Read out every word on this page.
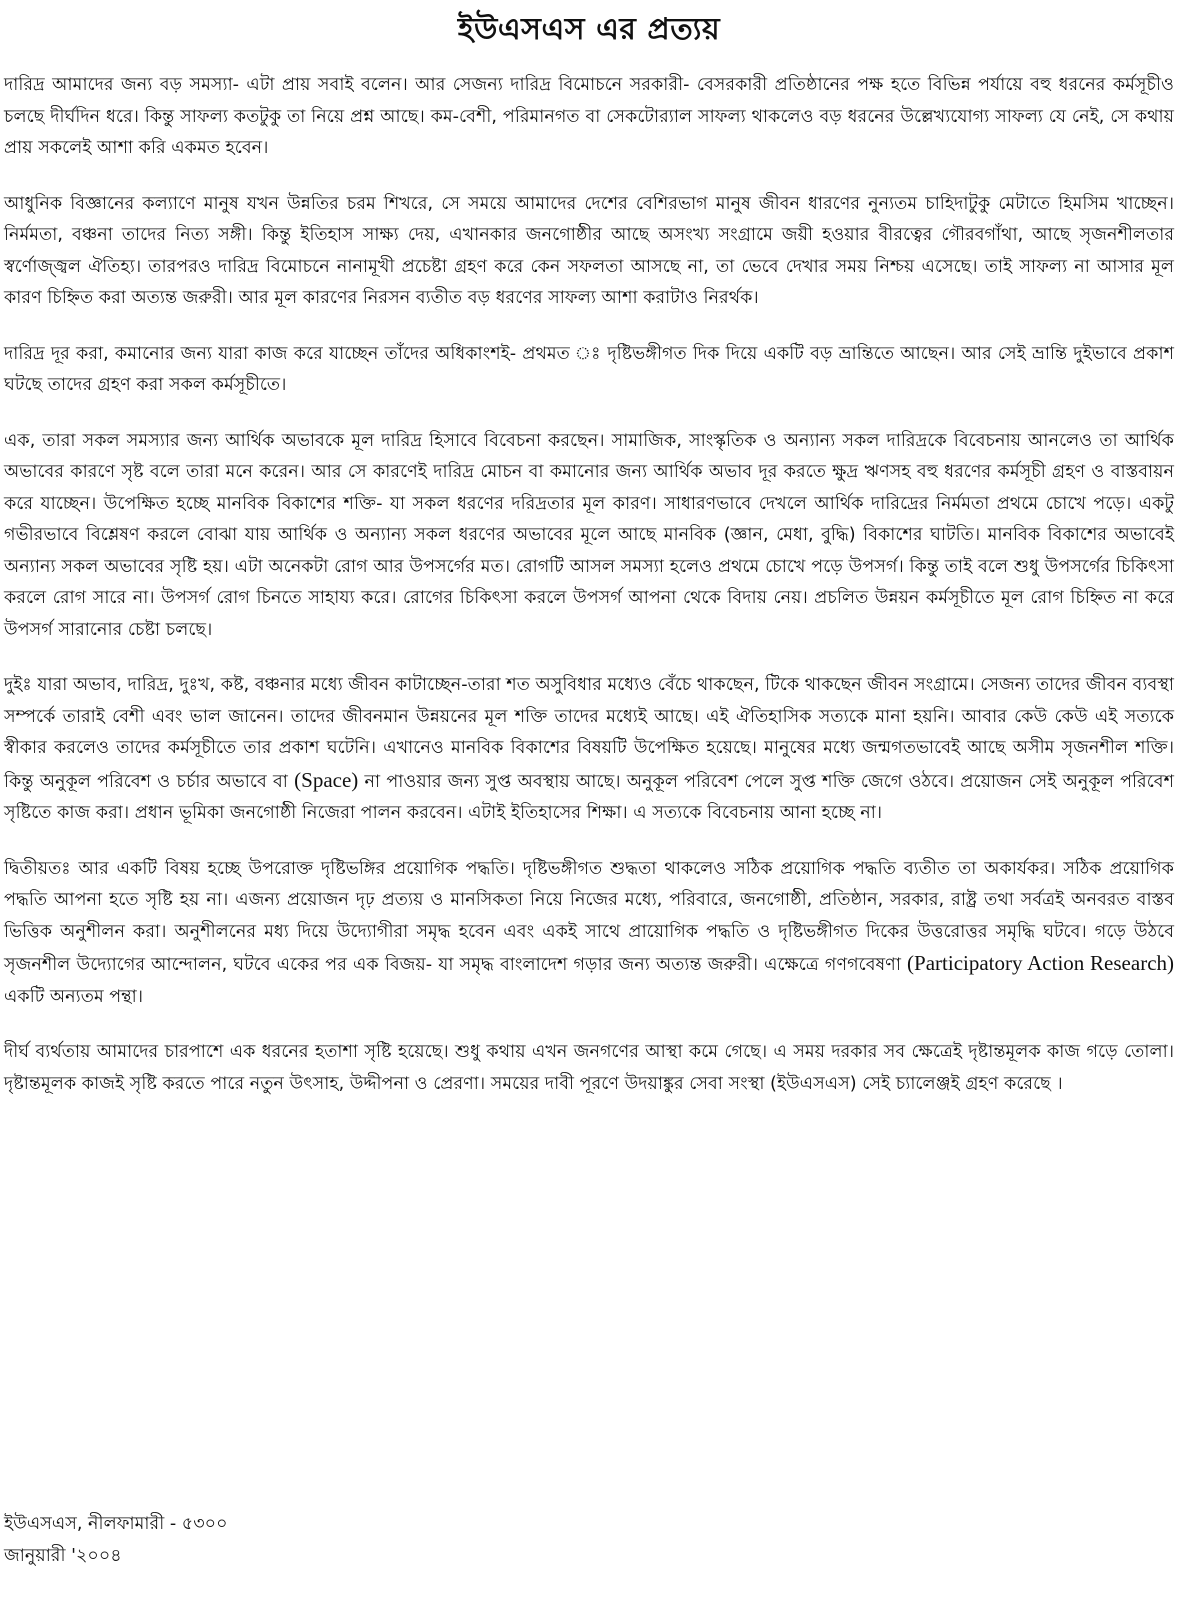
ইউএসএস এর প্রত্যয়

দারিদ্র আমাদের জন্য বড় সমস্যা- এটা প্রায় সবাই বলেন। আর সেজন্য দারিদ্র বিমোচনে সরকারী- বেসরকারী প্রতিষ্ঠানের পক্ষ হতে বিভিন্ন পর্যায়ে বহু ধরনের কর্মসূচীও চলছে দীর্ঘদিন ধরে। কিন্তু সাফল্য কতটুকু তা নিয়ে প্রশ্ন আছে। কম-বেশী, পরিমানগত বা সেকটোর‌্যাল সাফল্য থাকলেও বড় ধরনের উল্লেখ্যযোগ্য সাফল্য যে নেই, সে কথায় প্রায় সকলেই আশা করি একমত হবেন।

আধুনিক বিজ্ঞানের কল্যাণে মানুষ যখন উন্নতির চরম শিখরে, সে সময়ে আমাদের দেশের বেশিরভাগ মানুষ জীবন ধারণের নুন্যতম চাহিদাটুকু মেটাতে হিমসিম খাচ্ছেন। নির্মমতা, বঞ্চনা তাদের নিত্য সঙ্গী। কিন্তু ইতিহাস সাক্ষ্য দেয়, এখানকার জনগোষ্ঠীর আছে অসংখ্য সংগ্রামে জয়ী হওয়ার বীরত্বের গৌরবগাঁথা, আছে সৃজনশীলতার স্বর্ণোজ্জ্বল ঐতিহ্য। তারপরও দারিদ্র বিমোচনে নানামূখী প্রচেষ্টা গ্রহণ করে কেন সফলতা আসছে না, তা ভেবে দেখার সময় নিশ্চয় এসেছে। তাই সাফল্য না আসার মূল কারণ চিহ্নিত করা অত্যন্ত জরুরী। আর মূল কারণের নিরসন ব্যতীত বড় ধরণের সাফল্য আশা করাটাও নিরর্থক।

দারিদ্র দূর করা, কমানোর জন্য যারা কাজ করে যাচ্ছেন তাঁদের অধিকাংশই- প্রথমত ঃ দৃষ্টিভঙ্গীগত দিক দিয়ে একটি বড় ভ্রান্তিতে আছেন। আর সেই ভ্রান্তি দুইভাবে প্রকাশ ঘটছে তাদের গ্রহণ করা সকল কর্মসূচীতে।

এক, তারা সকল সমস্যার জন্য আর্থিক অভাবকে মূল দারিদ্র হিসাবে বিবেচনা করছেন। সামাজিক, সাংস্কৃতিক ও অন্যান্য সকল দারিদ্রকে বিবেচনায় আনলেও তা আর্থিক অভাবের কারণে সৃষ্ট বলে তারা মনে করেন। আর সে কারণেই দারিদ্র মোচন বা কমানোর জন্য আর্থিক অভাব দূর করতে ক্ষুদ্র ঋণসহ বহু ধরণের কর্মসূচী গ্রহণ ও বাস্তবায়ন করে যাচ্ছেন। উপেক্ষিত হচ্ছে মানবিক বিকাশের শক্তি- যা সকল ধরণের দরিদ্রতার মূল কারণ। সাধারণভাবে দেখলে আর্থিক দারিদ্রের নির্মমতা প্রথমে চোখে পড়ে। একটু গভীরভাবে বিশ্লেষণ করলে বোঝা যায় আর্থিক ও অন্যান্য সকল ধরণের অভাবের মূলে আছে মানবিক (জ্ঞান, মেধা, বুদ্ধি) বিকাশের ঘাটতি। মানবিক বিকাশের অভাবেই অন্যান্য সকল অভাবের সৃষ্টি হয়। এটা অনেকটা রোগ আর উপসর্গের মত। রোগটি আসল সমস্যা হলেও প্রথমে চোখে পড়ে উপসর্গ। কিন্তু তাই বলে শুধু উপসর্গের চিকিৎসা করলে রোগ সারে না। উপসর্গ রোগ চিনতে সাহায্য করে। রোগের চিকিৎসা করলে উপসর্গ আপনা থেকে বিদায় নেয়। প্রচলিত উন্নয়ন কর্মসূচীতে মূল রোগ চিহ্নিত না করে উপসর্গ সারানোর চেষ্টা চলছে।

দুইঃ যারা অভাব, দারিদ্র, দুঃখ, কষ্ট, বঞ্চনার মধ্যে জীবন কাটাচ্ছেন-তারা শত অসুবিধার মধ্যেও বেঁচে থাকছেন, টিকে থাকছেন জীবন সংগ্রামে। সেজন্য তাদের জীবন ব্যবস্থা সম্পর্কে তারাই বেশী এবং ভাল জানেন। তাদের জীবনমান উন্নয়নের মূল শক্তি তাদের মধ্যেই আছে। এই ঐতিহাসিক সত্যকে মানা হয়নি। আবার কেউ কেউ এই সত্যকে স্বীকার করলেও তাদের কর্মসূচীতে তার প্রকাশ ঘটেনি। এখানেও মানবিক বিকাশের বিষয়টি উপেক্ষিত হয়েছে। মানুষের মধ্যে জন্মগতভাবেই আছে অসীম সৃজনশীল শক্তি। কিন্তু অনুকূল পরিবেশ ও চর্চার অভাবে বা (Space) না পাওয়ার জন্য সুপ্ত অবস্থায় আছে। অনুকূল পরিবেশ পেলে সুপ্ত শক্তি জেগে ওঠবে। প্রয়োজন সেই অনুকূল পরিবেশ সৃষ্টিতে কাজ করা। প্রধান ভূমিকা জনগোষ্ঠী নিজেরা পালন করবেন। এটাই ইতিহাসের শিক্ষা। এ সত্যকে বিবেচনায় আনা হচ্ছে না।

দ্বিতীয়তঃ আর একটি বিষয় হচ্ছে উপরোক্ত দৃষ্টিভঙ্গির প্রয়োগিক পদ্ধতি। দৃষ্টিভঙ্গীগত শুদ্ধতা থাকলেও সঠিক প্রয়োগিক পদ্ধতি ব্যতীত তা অকার্যকর। সঠিক প্রয়োগিক পদ্ধতি আপনা হতে সৃষ্টি হয় না। এজন্য প্রয়োজন দৃঢ় প্রত্যয় ও মানসিকতা নিয়ে নিজের মধ্যে, পরিবারে, জনগোষ্ঠী, প্রতিষ্ঠান, সরকার, রাষ্ট্র তথা সর্বত্রই অনবরত বাস্তব ভিত্তিক অনুশীলন করা। অনুশীলনের মধ্য দিয়ে উদ্যোগীরা সমৃদ্ধ হবেন এবং একই সাথে প্রায়োগিক পদ্ধতি ও দৃষ্টিভঙ্গীগত দিকের উত্তরোত্তর সমৃদ্ধি ঘটবে। গড়ে উঠবে সৃজনশীল উদ্যোগের আন্দোলন, ঘটবে একের পর এক বিজয়- যা সমৃদ্ধ বাংলাদেশ গড়ার জন্য অত্যন্ত জরুরী। এক্ষেত্রে গণগবেষণা (Participatory Action Research) একটি অন্যতম পন্থা।

দীর্ঘ ব্যর্থতায় আমাদের চারপাশে এক ধরনের হতাশা সৃষ্টি হয়েছে। শুধু কথায় এখন জনগণের আস্থা কমে গেছে। এ সময় দরকার সব ক্ষেত্রেই দৃষ্টান্তমূলক কাজ গড়ে তোলা। দৃষ্টান্তমূলক কাজই সৃষ্টি করতে পারে নতুন উৎসাহ, উদ্দীপনা ও প্রেরণা। সময়ের দাবী পূরণে উদয়াঙ্কুর সেবা সংস্থা (ইউএসএস) সেই চ্যালেঞ্জই গ্রহণ করেছে ।

ইউএসএস, নীলফামারী - ৫৩০০
জানুয়ারী '২০০৪
